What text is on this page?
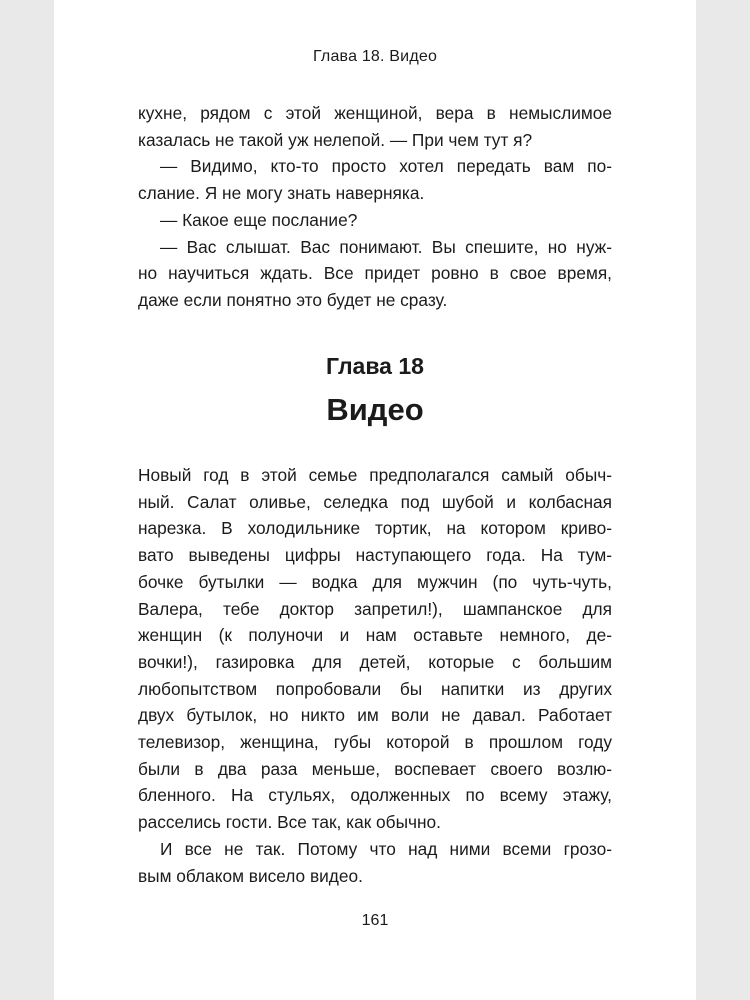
Глава 18. Видео
кухне, рядом с этой женщиной, вера в немыслимое
казалась не такой уж нелепой. — При чем тут я?
— Видимо, кто-то просто хотел передать вам по-
слание. Я не могу знать наверняка.
— Какое еще послание?
— Вас слышат. Вас понимают. Вы спешите, но нуж-
но научиться ждать. Все придет ровно в свое время,
даже если понятно это будет не сразу.
Глава 18
Видео
Новый год в этой семье предполагался самый обыч-
ный. Салат оливье, селедка под шубой и колбасная
нарезка. В холодильнике тортик, на котором криво-
вато выведены цифры наступающего года. На тум-
бочке бутылки — водка для мужчин (по чуть-чуть,
Валера, тебе доктор запретил!), шампанское для
женщин (к полуночи и нам оставьте немного, де-
вочки!), газировка для детей, которые с большим
любопытством попробовали бы напитки из других
двух бутылок, но никто им воли не давал. Работает
телевизор, женщина, губы которой в прошлом году
были в два раза меньше, воспевает своего возлю-
бленного. На стульях, одолженных по всему этажу,
расселись гости. Все так, как обычно.
И все не так. Потому что над ними всеми грозо-
вым облаком висело видео.
161
